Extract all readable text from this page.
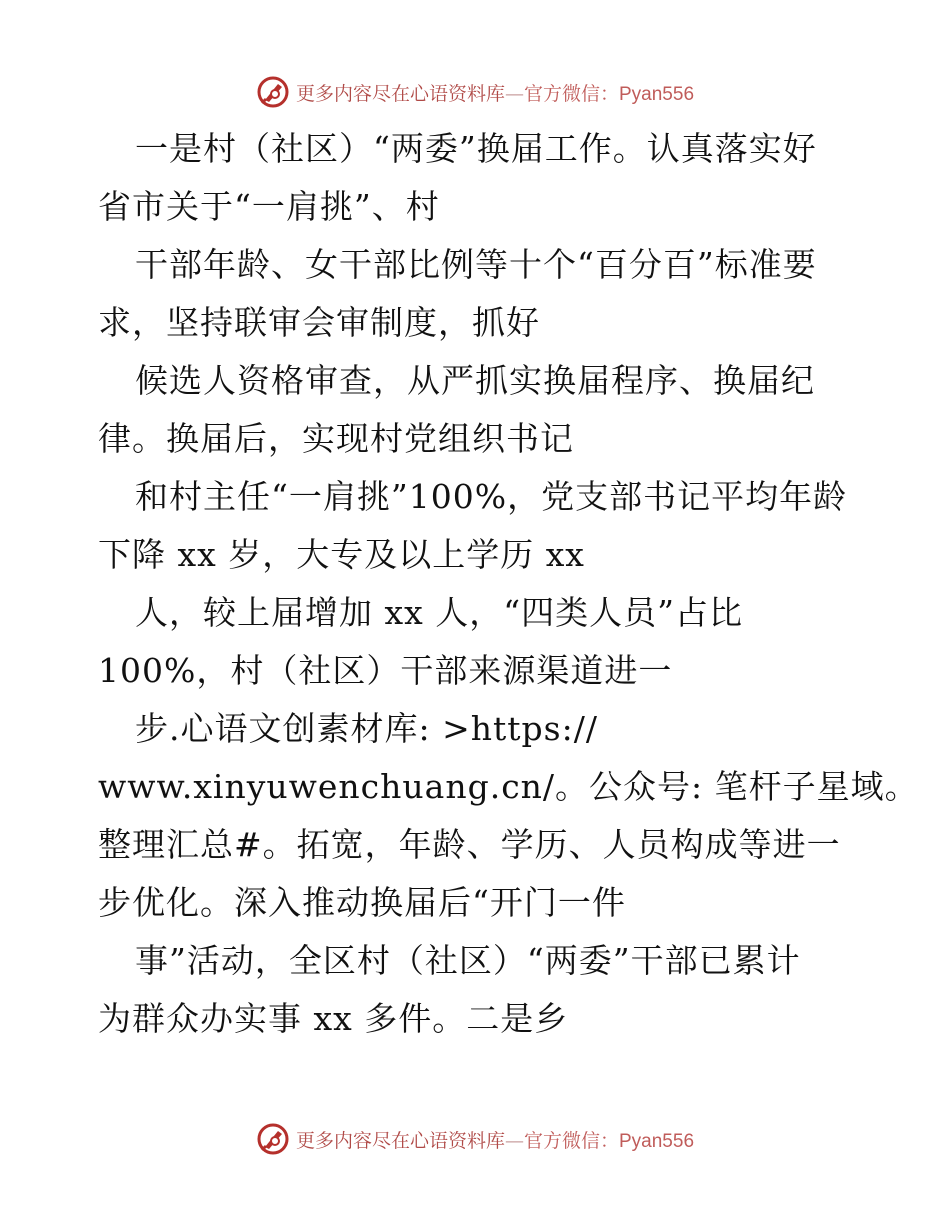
更多内容尽在心语资料库—官方微信：Pyan556
一是村（社区）“两委”换届工作。认真落实好
省市关于“一肩挑”、村
干部年龄、女干部比例等十个“百分百”标准要
求，坚持联审会审制度，抓好
候选人资格审查，从严抓实换届程序、换届纪
律。换届后，实现村党组织书记
和村主任“一肩挑”100%，党支部书记平均年龄
下降 xx 岁，大专及以上学历 xx
人，较上届增加 xx 人，“四类人员”占比
100%，村（社区）干部来源渠道进一
步.心语文创素材库: >https://
www.xinyuwenchuang.cn/。公众号: 笔杆子星域。
整理汇总#。拓宽，年龄、学历、人员构成等进一
步优化。深入推动换届后“开门一件
事”活动，全区村（社区）“两委”干部已累计
为群众办实事 xx 多件。二是乡
更多内容尽在心语资料库—官方微信：Pyan556
